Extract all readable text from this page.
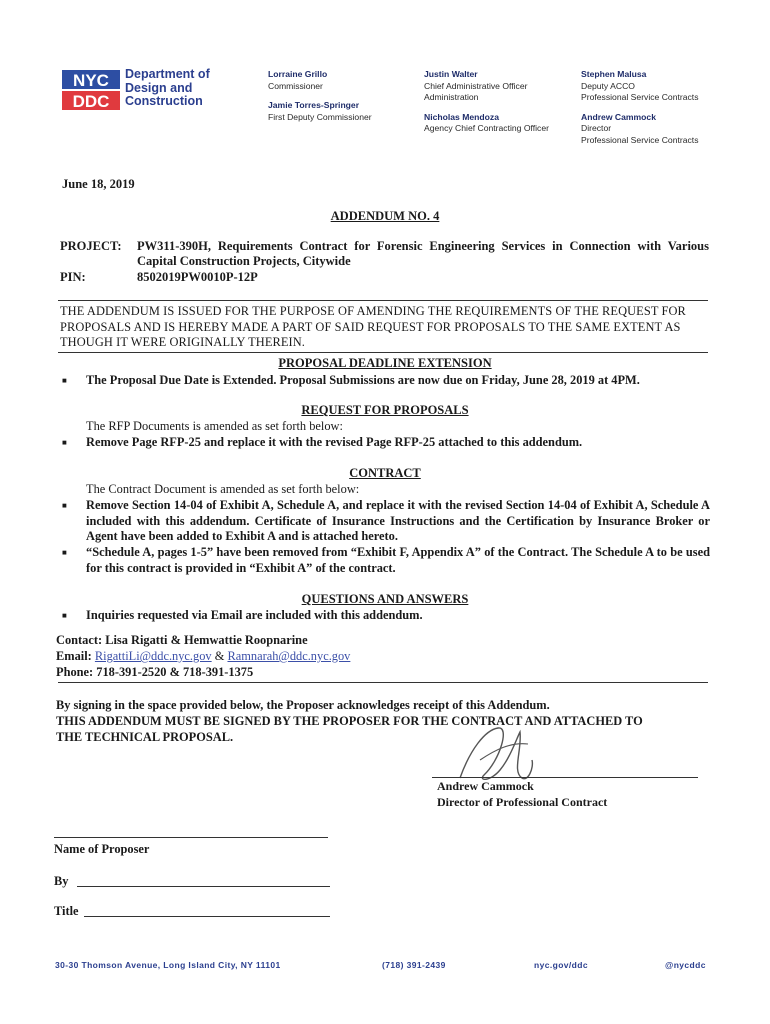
NYC
DDC
Department of
Design and
Construction
Lorraine Grillo
Commissioner
Jamie Torres-Springer
First Deputy Commissioner
Justin Walter
Chief Administrative Officer
Administration
Nicholas Mendoza
Agency Chief Contracting Officer
Stephen Malusa
Deputy ACCO
Professional Service Contracts
Andrew Cammock
Director
Professional Service Contracts
June 18, 2019
ADDENDUM NO. 4
PROJECT: PW311-390H, Requirements Contract for Forensic Engineering Services in Connection with Various Capital Construction Projects, Citywide
PIN:	8502019PW0010P-12P
THE ADDENDUM IS ISSUED FOR THE PURPOSE OF AMENDING THE REQUIREMENTS OF THE REQUEST FOR PROPOSALS AND IS HEREBY MADE A PART OF SAID REQUEST FOR PROPOSALS TO THE SAME EXTENT AS THOUGH IT WERE ORIGINALLY THEREIN.
PROPOSAL DEADLINE EXTENSION
■	The Proposal Due Date is Extended. Proposal Submissions are now due on Friday, June 28, 2019 at 4PM.
REQUEST FOR PROPOSALS
The RFP Documents is amended as set forth below:
■	Remove Page RFP-25 and replace it with the revised Page RFP-25 attached to this addendum.
CONTRACT
The Contract Document is amended as set forth below:
■	Remove Section 14-04 of Exhibit A, Schedule A, and replace it with the revised Section 14-04 of Exhibit A, Schedule A included with this addendum. Certificate of Insurance Instructions and the Certification by Insurance Broker or Agent have been added to Exhibit A and is attached hereto.
■	“Schedule A, pages 1-5” have been removed from “Exhibit F, Appendix A” of the Contract. The Schedule A to be used for this contract is provided in “Exhibit A” of the contract.
QUESTIONS AND ANSWERS
■	Inquiries requested via Email are included with this addendum.
Contact: Lisa Rigatti & Hemwattie Roopnarine
Email: RigattiLi@ddc.nyc.gov & Ramnarah@ddc.nyc.gov
Phone: 718-391-2520 & 718-391-1375
By signing in the space provided below, the Proposer acknowledges receipt of this Addendum.
THIS ADDENDUM MUST BE SIGNED BY THE PROPOSER FOR THE CONTRACT AND ATTACHED TO
THE TECHNICAL PROPOSAL.
Andrew Cammock
Director of Professional Contract
Name of Proposer
By
Title
30-30 Thomson Avenue, Long Island City, NY 11101	(718) 391-2439	nyc.gov/ddc	@nycddc
